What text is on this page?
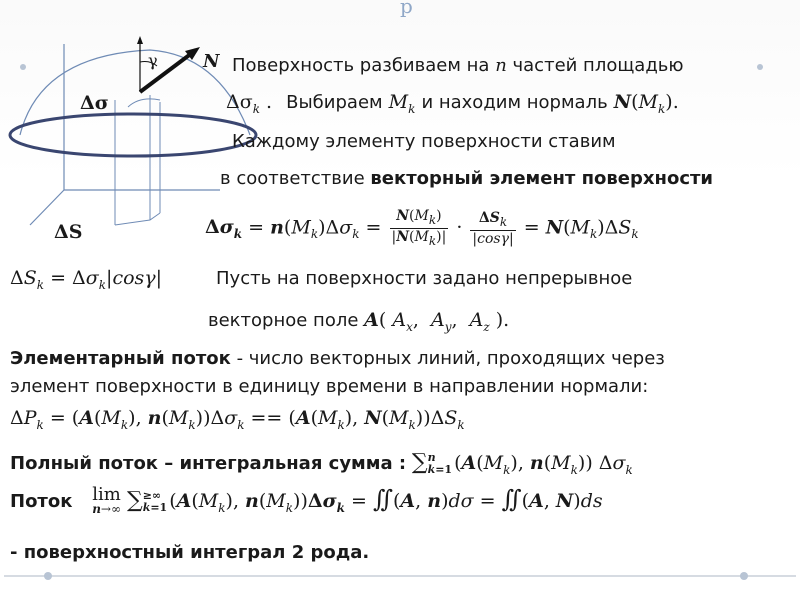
р
γ	N Поверхность разбиваем на n частей площадью
Δσ	$\Delta\sigma_k$ . Выбираем $M_k$ и находим нормаль $N(M_k)$.
Каждому элементу поверхности ставим
в соответствие векторный элемент поверхности
ΔS	$\Delta\sigma_k = n(M_k)\Delta\sigma_k = \frac{N(M_k)}{|N(M_k)|} \cdot \frac{\Delta S_k}{|\cos\gamma|} = N(M_k)\Delta S_k$
$\Delta S_k = \Delta\sigma_k|\cos\gamma|$	Пусть на поверхности задано непрерывное
векторное поле A( $A_x$,  $A_y$,  $A_z$ ).
Элементарный поток - число векторных линий, проходящих через
элемент поверхности в единицу времени в направлении нормали:
$\Delta P_k = (A(M_k)$, $n(M_k))\Delta\sigma_k == (A(M_k)$, $N(M_k))\Delta S_k$
Полный поток – интегральная сумма : ∑n
k=1 ($A(M_k)$, $n(M_k)$) $\Delta\sigma_k$
Поток lim
n→∞ ∑≥∞
k=1 ($A(M_k)$, $n(M_k))\Delta\sigma_k$ = ∫∫ (A, n)dσ = ∫∫ (A, N)ds
- поверхностный интеграл 2 рода.
